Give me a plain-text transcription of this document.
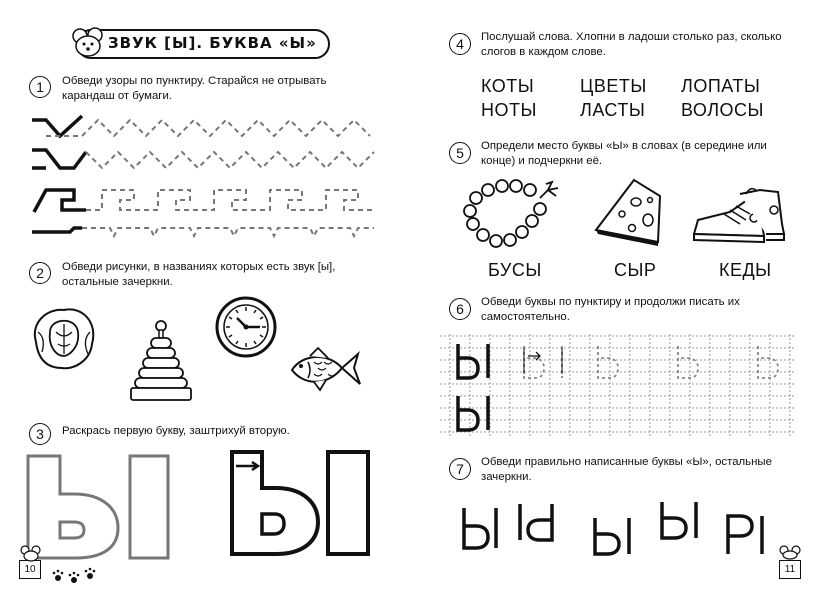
ЗВУК [Ы]. БУКВА «Ы»
1	Обведи узоры по пунктиру. Старайся не отрывать карандаш от бумаги.
2	Обведи рисунки, в названиях которых есть звук [ы], остальные зачеркни.
3	Раскрась первую букву, заштрихуй вторую.
10
4	Послушай слова. Хлопни в ладоши столько раз, сколько слогов в каждом слове.
КОТЫ	ЦВЕТЫ ЛОПАТЫ
НОТЫ ЛАСТЫ ВОЛОСЫ
5	Определи место буквы «Ы» в словах (в середине или конце) и подчеркни её.
БУСЫ	СЫР	КЕДЫ
6	Обведи буквы по пунктиру и продолжи писать их самостоятельно.
7	Обведи правильно написанные буквы «Ы», остальные зачеркни.
11
